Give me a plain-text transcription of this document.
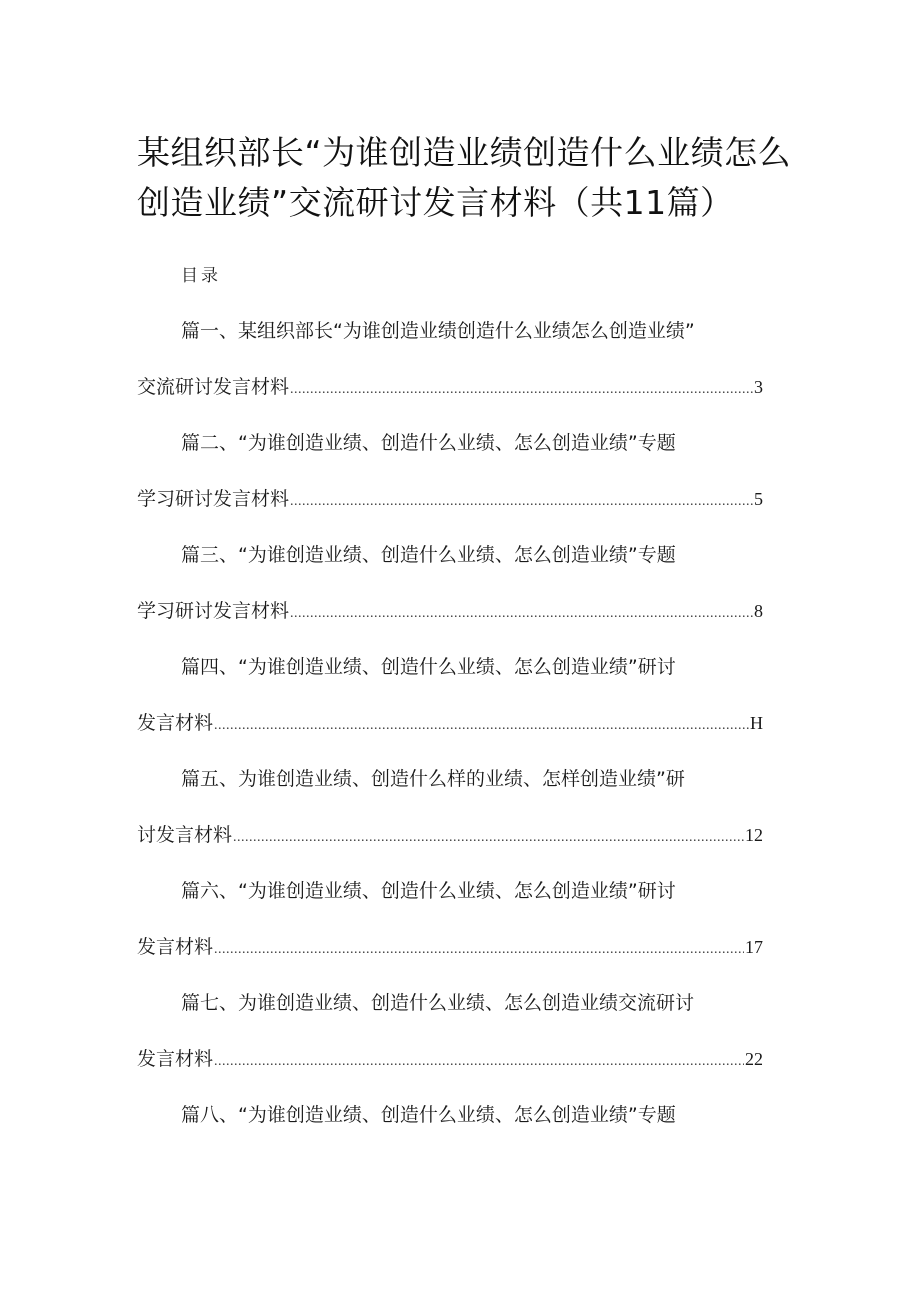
某组织部长“为谁创造业绩创造什么业绩怎么创造业绩”交流研讨发言材料（共11篇）
目录
篇一、某组织部长“为谁创造业绩创造什么业绩怎么创造业绩”
交流研讨发言材料 .....	3
篇二、“为谁创造业绩、创造什么业绩、怎么创造业绩”专题
学习研讨发言材料 .....	5
篇三、“为谁创造业绩、创造什么业绩、怎么创造业绩”专题
学习研讨发言材料 .....	8
篇四、“为谁创造业绩、创造什么业绩、怎么创造业绩”研讨
发言材料 .....	H
篇五、为谁创造业绩、创造什么样的业绩、怎样创造业绩”研
讨发言材料 .....	12
篇六、“为谁创造业绩、创造什么业绩、怎么创造业绩”研讨
发言材料 .....	17
篇七、为谁创造业绩、创造什么业绩、怎么创造业绩交流研讨
发言材料 .....	22
篇八、“为谁创造业绩、创造什么业绩、怎么创造业绩”专题
